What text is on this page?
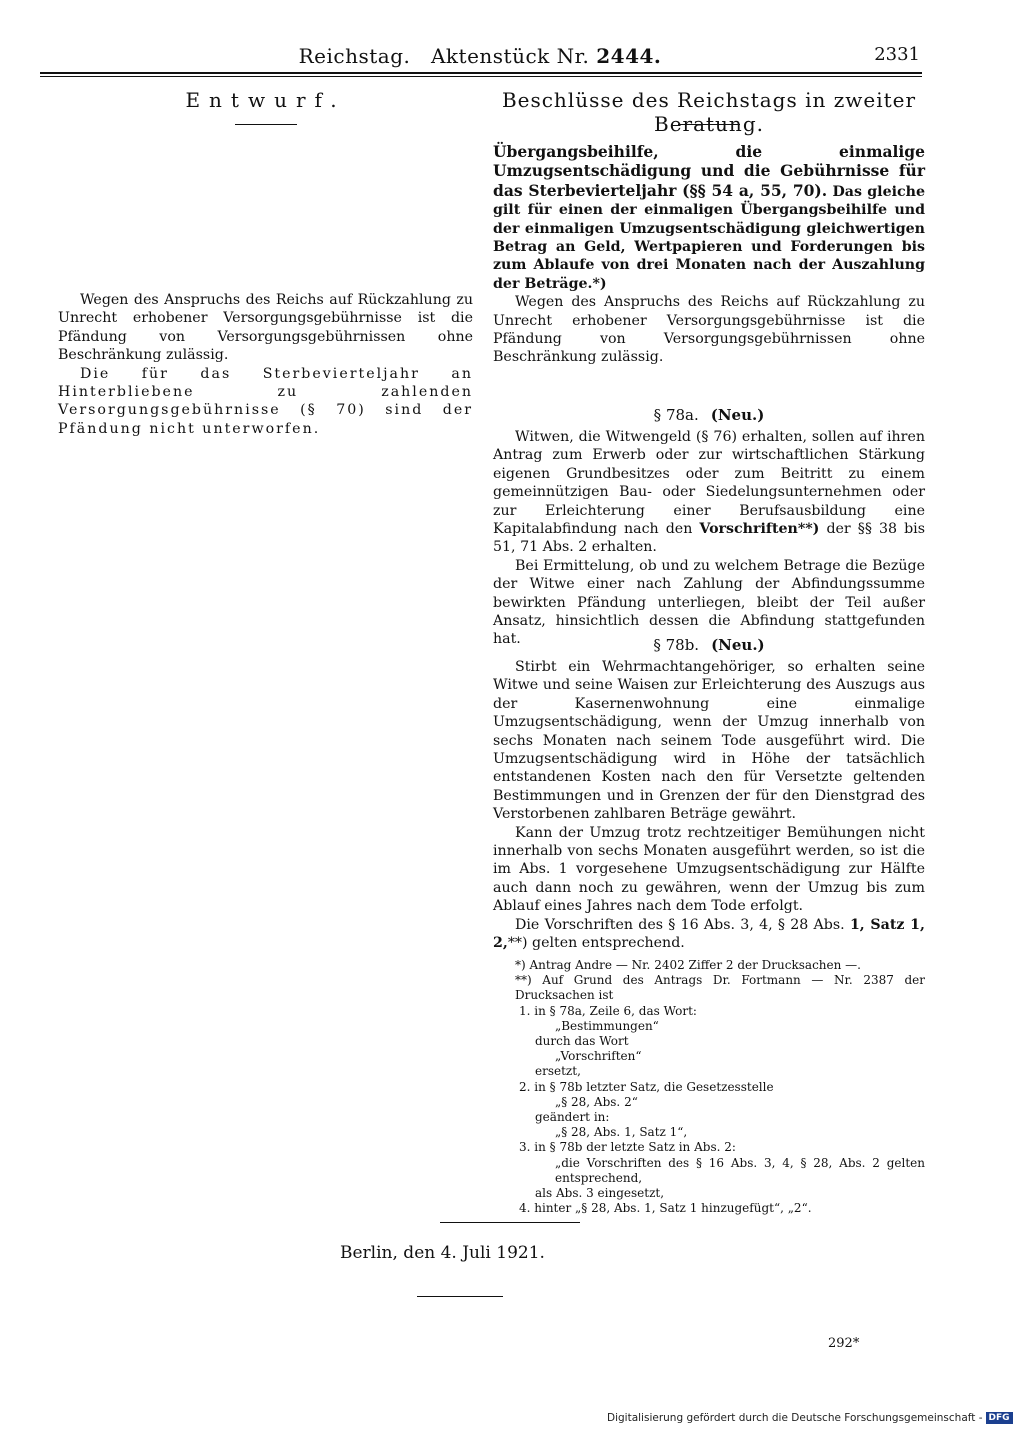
Reichstag. Aktenstück Nr. 2444.	2331
Entwurf.

Wegen des Anspruchs des Reichs auf Rückzahlung zu Unrecht erhobener Versorgungsgebührnisse ist die Pfändung von Versorgungsgebührnissen ohne Beschränkung zulässig.

Die für das Sterbevierteljahr an Hinterbliebene zu zahlenden Versorgungsgebührnisse (§ 70) sind der Pfändung nicht unterworfen.

Beschlüsse des Reichstags in zweiter Beratung.

Übergangsbeihilfe, die einmalige Umzugsentschädigung und die Gebührnisse für das Sterbevierteljahr (§§ 54 a, 55, 70). Das gleiche gilt für einen der einmaligen Übergangsbeihilfe und der einmaligen Umzugsentschädigung gleichwertigen Betrag an Geld, Wertpapieren und Forderungen bis zum Ablaufe von drei Monaten nach der Auszahlung der Beträge.*)

Wegen des Anspruchs des Reichs auf Rückzahlung zu Unrecht erhobener Versorgungsgebührnisse ist die Pfändung von Versorgungsgebührnissen ohne Beschränkung zulässig.

§ 78a. (Neu.)

Witwen, die Witwengeld (§ 76) erhalten, sollen auf ihren Antrag zum Erwerb oder zur wirtschaftlichen Stärkung eigenen Grundbesitzes oder zum Beitritt zu einem gemeinnützigen Bau- oder Siedelungsunternehmen oder zur Erleichterung einer Berufsausbildung eine Kapitalabfindung nach den Vorschriften**) der §§ 38 bis 51, 71 Abs. 2 erhalten.

Bei Ermittelung, ob und zu welchem Betrage die Bezüge der Witwe einer nach Zahlung der Abfindungssumme bewirkten Pfändung unterliegen, bleibt der Teil außer Ansatz, hinsichtlich dessen die Abfindung stattgefunden hat.	§ 78b. (Neu.)

Stirbt ein Wehrmachtangehöriger, so erhalten seine Witwe und seine Waisen zur Erleichterung des Auszugs aus der Kasernenwohnung eine einmalige Umzugsentschädigung, wenn der Umzug innerhalb von sechs Monaten nach seinem Tode ausgeführt wird. Die Umzugsentschädigung wird in Höhe der tatsächlich entstandenen Kosten nach den für Versetzte geltenden Bestimmungen und in Grenzen der für den Dienstgrad des Verstorbenen zahlbaren Beträge gewährt.

Kann der Umzug trotz rechtzeitiger Bemühungen nicht innerhalb von sechs Monaten ausgeführt werden, so ist die im Abs. 1 vorgesehene Umzugsentschädigung zur Hälfte auch dann noch zu gewähren, wenn der Umzug bis zum Ablauf eines Jahres nach dem Tode erfolgt.

Die Vorschriften des § 16 Abs. 3, 4, § 28 Abs. 1, Satz 1, 2,**) gelten entsprechend.

*) Antrag Andre — Nr. 2402 Ziffer 2 der Drucksachen —.
**) Auf Grund des Antrags Dr. Fortmann — Nr. 2387 der Drucksachen ist
1. in § 78a, Zeile 6, das Wort:
„Bestimmungen“
durch das Wort
„Vorschriften“
ersetzt,
2. in § 78b letzter Satz, die Gesetzesstelle
„§ 28, Abs. 2“
geändert in:
„§ 28, Abs. 1, Satz 1“,
3. in § 78b der letzte Satz in Abs. 2:
„die Vorschriften des § 16 Abs. 3, 4, § 28, Abs. 2 gelten entsprechend,
als Abs. 3 eingesetzt,
4. hinter „§ 28, Abs. 1, Satz 1 hinzugefügt“, „2“.
Berlin, den 4. Juli 1921.
292*
Digitalisierung gefördert durch die Deutsche Forschungsgemeinschaft - DFG
